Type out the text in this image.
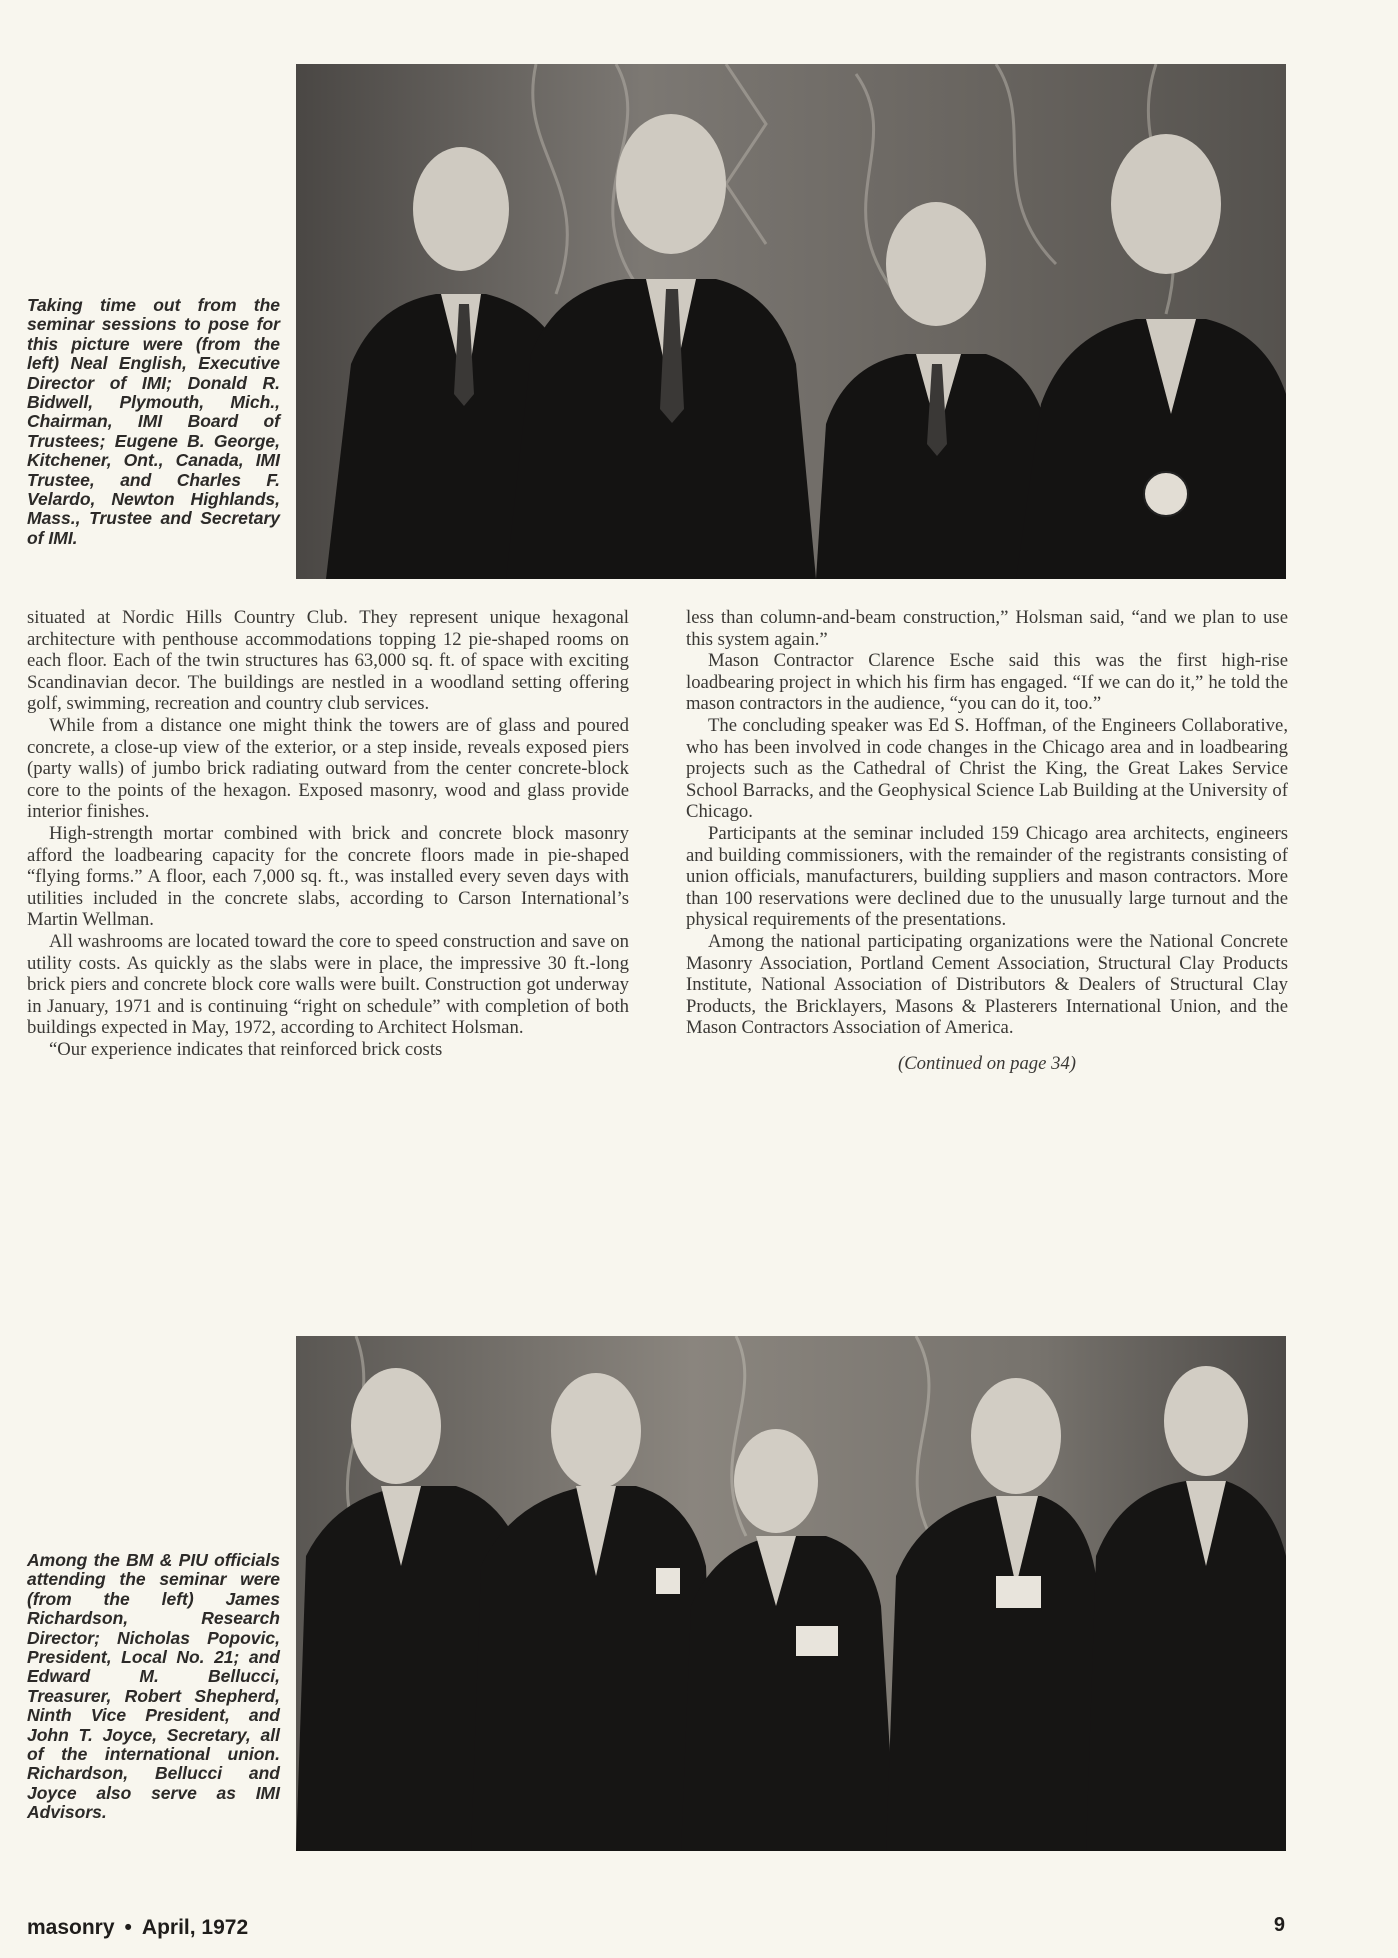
Taking time out from the seminar sessions to pose for this picture were (from the left) Neal English, Executive Director of IMI; Donald R. Bidwell, Plymouth, Mich., Chairman, IMI Board of Trustees; Eugene B. George, Kitchener, Ont., Canada, IMI Trustee, and Charles F. Velardo, Newton Highlands, Mass., Trustee and Secretary of IMI.

situated at Nordic Hills Country Club. They represent unique hexagonal architecture with penthouse accommodations topping 12 pie-shaped rooms on each floor. Each of the twin structures has 63,000 sq. ft. of space with exciting Scandinavian decor. The buildings are nestled in a woodland setting offering golf, swimming, recreation and country club services.

While from a distance one might think the towers are of glass and poured concrete, a close-up view of the exterior, or a step inside, reveals exposed piers (party walls) of jumbo brick radiating outward from the center concrete-block core to the points of the hexagon. Exposed masonry, wood and glass provide interior finishes.

High-strength mortar combined with brick and concrete block masonry afford the loadbearing capacity for the concrete floors made in pie-shaped “flying forms.” A floor, each 7,000 sq. ft., was installed every seven days with utilities included in the concrete slabs, according to Carson International’s Martin Wellman.

All washrooms are located toward the core to speed construction and save on utility costs. As quickly as the slabs were in place, the impressive 30 ft.-long brick piers and concrete block core walls were built. Construction got underway in January, 1971 and is continuing “right on schedule” with completion of both buildings expected in May, 1972, according to Architect Holsman.

“Our experience indicates that reinforced brick costs

less than column-and-beam construction,” Holsman said, “and we plan to use this system again.”

Mason Contractor Clarence Esche said this was the first high-rise loadbearing project in which his firm has engaged. “If we can do it,” he told the mason contractors in the audience, “you can do it, too.”

The concluding speaker was Ed S. Hoffman, of the Engineers Collaborative, who has been involved in code changes in the Chicago area and in loadbearing projects such as the Cathedral of Christ the King, the Great Lakes Service School Barracks, and the Geophysical Science Lab Building at the University of Chicago.

Participants at the seminar included 159 Chicago area architects, engineers and building commissioners, with the remainder of the registrants consisting of union officials, manufacturers, building suppliers and mason contractors. More than 100 reservations were declined due to the unusually large turnout and the physical requirements of the presentations.

Among the national participating organizations were the National Concrete Masonry Association, Portland Cement Association, Structural Clay Products Institute, National Association of Distributors & Dealers of Structural Clay Products, the Bricklayers, Masons & Plasterers International Union, and the Mason Contractors Association of America.

(Continued on page 34)

Among the BM & PIU officials attending the seminar were (from the left) James Richardson, Research Director; Nicholas Popovic, President, Local No. 21; and Edward M. Bellucci, Treasurer, Robert Shepherd, Ninth Vice President, and John T. Joyce, Secretary, all of the international union. Richardson, Bellucci and Joyce also serve as IMI Advisors.
masonry • April, 1972	9
